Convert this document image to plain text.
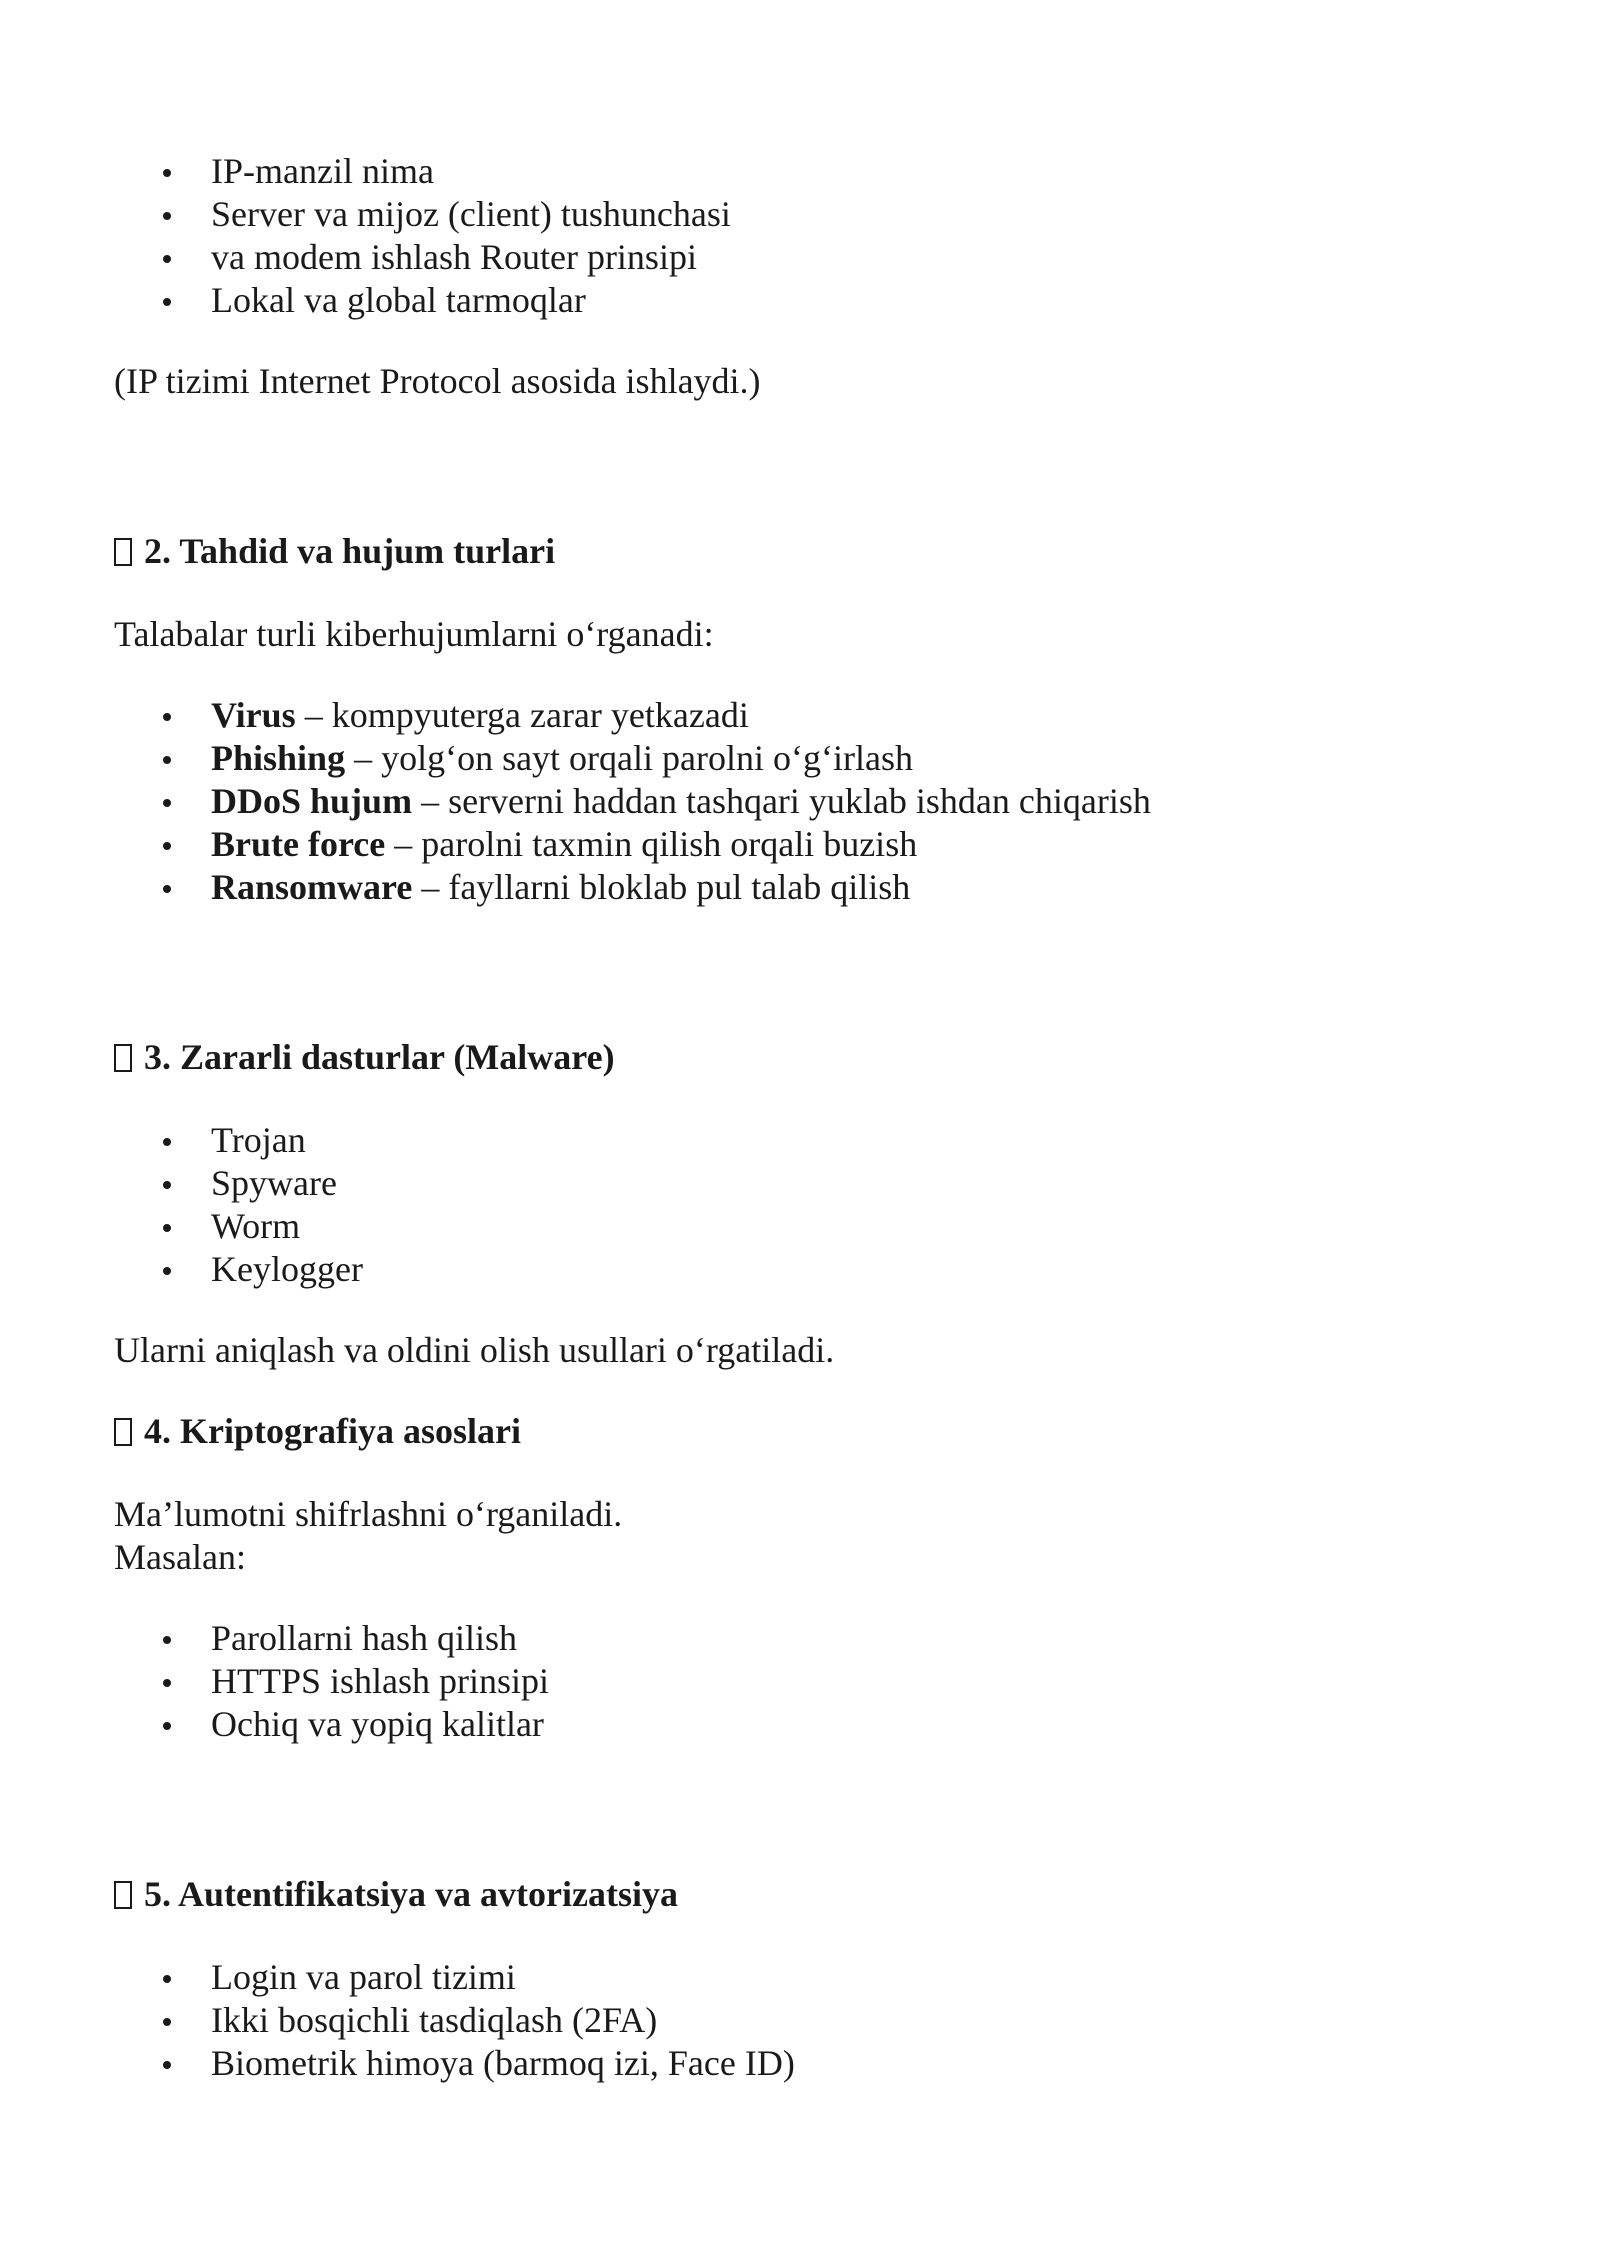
IP-manzil nima
Server va mijoz (client) tushunchasi
va modem ishlash Router prinsipi
Lokal va global tarmoqlar

(IP tizimi Internet Protocol asosida ishlaydi.)

2. Tahdid va hujum turlari

Talabalar turli kiberhujumlarni o‘rganadi:

Virus – kompyuterga zarar yetkazadi
Phishing – yolg‘on sayt orqali parolni o‘g‘irlash
DDoS hujum – serverni haddan tashqari yuklab ishdan chiqarish
Brute force – parolni taxmin qilish orqali buzish
Ransomware – fayllarni bloklab pul talab qilish

3. Zararli dasturlar (Malware)

Trojan
Spyware
Worm
Keylogger

Ularni aniqlash va oldini olish usullari o‘rgatiladi.

4. Kriptografiya asoslari

Ma’lumotni shifrlashni o‘rganiladi.

Masalan:

Parollarni hash qilish
HTTPS ishlash prinsipi
Ochiq va yopiq kalitlar

5. Autentifikatsiya va avtorizatsiya

Login va parol tizimi
Ikki bosqichli tasdiqlash (2FA)
Biometrik himoya (barmoq izi, Face ID)
